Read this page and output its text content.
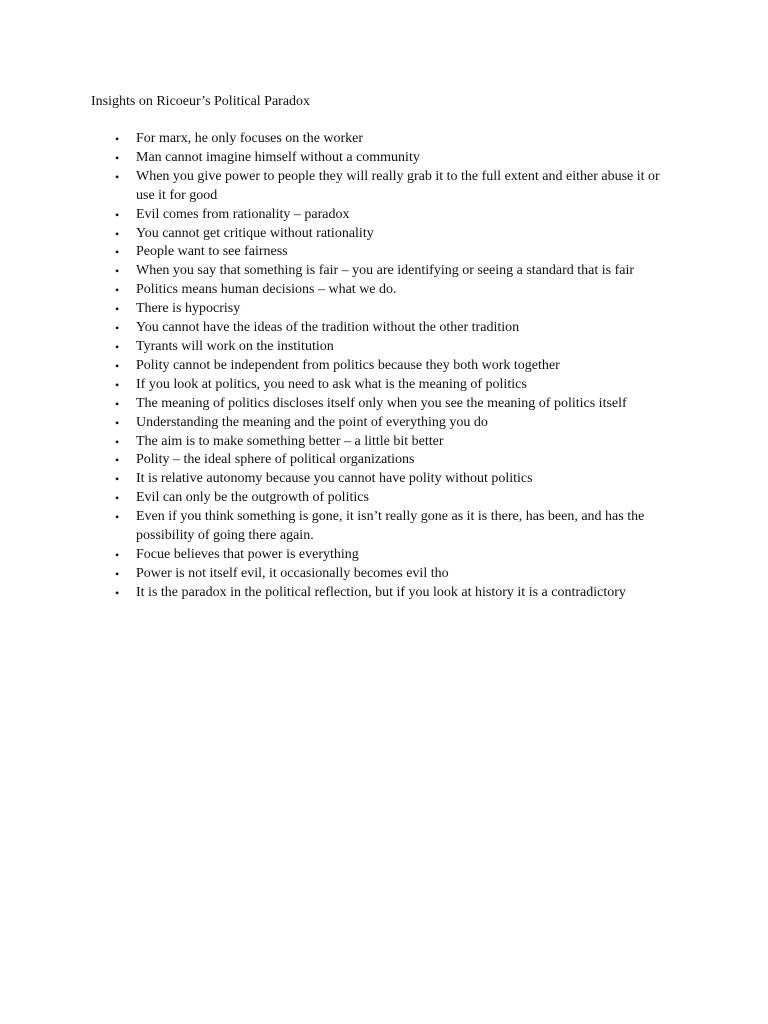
Insights on Ricoeur’s Political Paradox
• For marx, he only focuses on the worker
• Man cannot imagine himself without a community
• When you give power to people they will really grab it to the full extent and either abuse it or use it for good
• Evil comes from rationality – paradox
• You cannot get critique without rationality
• People want to see fairness
• When you say that something is fair – you are identifying or seeing a standard that is fair
• Politics means human decisions – what we do.
• There is hypocrisy
• You cannot have the ideas of the tradition without the other tradition
• Tyrants will work on the institution
• Polity cannot be independent from politics because they both work together
• If you look at politics, you need to ask what is the meaning of politics
• The meaning of politics discloses itself only when you see the meaning of politics itself
• Understanding the meaning and the point of everything you do
• The aim is to make something better – a little bit better
• Polity – the ideal sphere of political organizations
• It is relative autonomy because you cannot have polity without politics
• Evil can only be the outgrowth of politics
• Even if you think something is gone, it isn’t really gone as it is there, has been, and has the possibility of going there again.
• Focue believes that power is everything
• Power is not itself evil, it occasionally becomes evil tho
• It is the paradox in the political reflection, but if you look at history it is a contradictory
